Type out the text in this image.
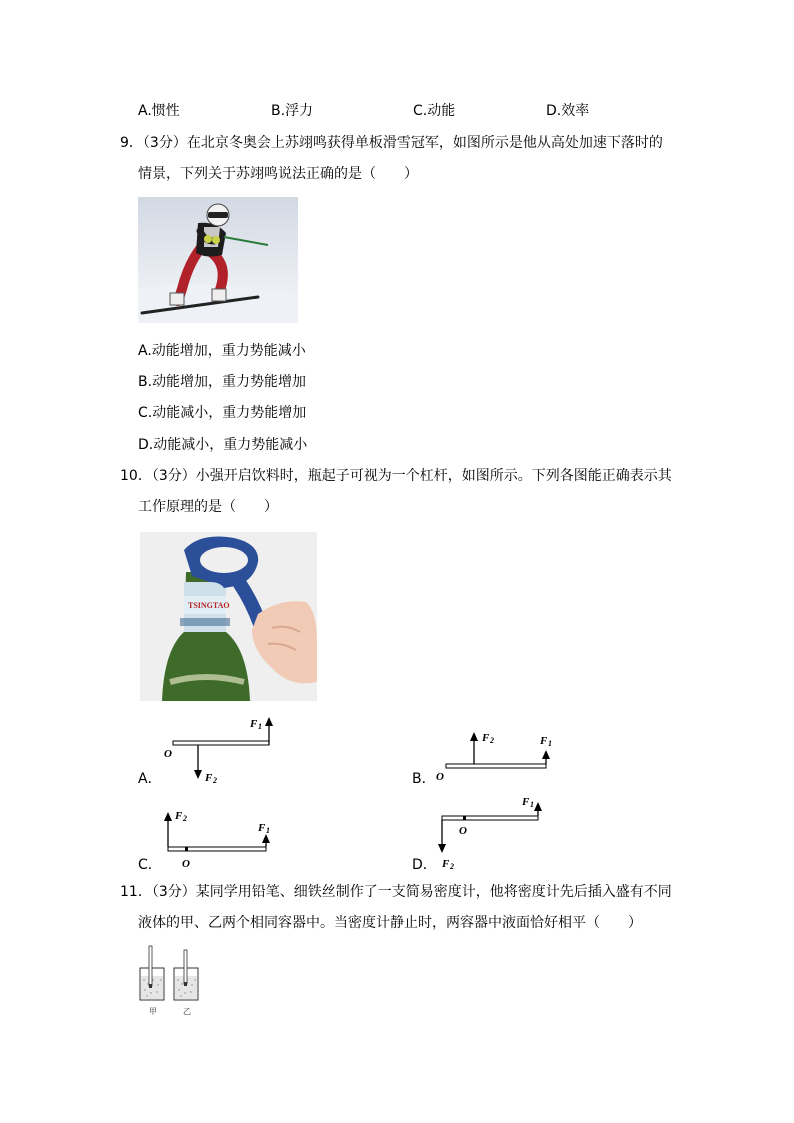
A.惯性	B.浮力	C.动能	D.效率
9．（3分）在北京冬奥会上苏翊鸣获得单板滑雪冠军，如图所示是他从高处加速下落时的
情景，下列关于苏翊鸣说法正确的是（　　）
A.动能增加，重力势能减小
B.动能增加，重力势能增加
C.动能减小，重力势能增加
D.动能减小，重力势能减小
10．（3分）小强开启饮料时，瓶起子可视为一个杠杆，如图所示。下列各图能正确表示其
工作原理的是（　　）
TSINGTAO
A．
O
F 1
F 2	B． O
F 2	F 1
C． O
F 2
F 1
D．
O
F 1
F 2
11．（3分）某同学用铅笔、细铁丝制作了一支简易密度计，他将密度计先后插入盛有不同
液体的甲、乙两个相同容器中。当密度计静止时，两容器中液面恰好相平（　　）
甲	乙
